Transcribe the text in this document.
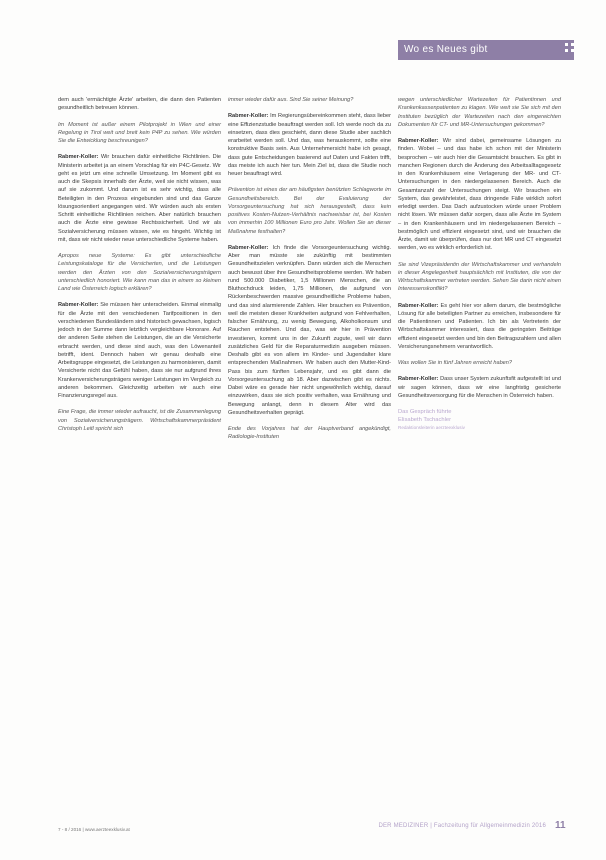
Wo es Neues gibt

dem auch 'ermächtigte Ärzte' arbeiten, die dann den Patienten gesundheitlich betreuen können.

Im Moment ist außer einem Pilotprojekt in Wien und einer Regelung in Tirol weit und breit kein P4P zu sehen. Wie würden Sie die Entwicklung beschreunigen?

Rabmer-Koller: Wir brauchen dafür einheitliche Richtlinien. Die Ministerin arbeitet ja an einem Vorschlag für ein P4C-Gesetz. Wir geht es jetzt um eine schnelle Umsetzung. Im Moment gibt es auch die Skepsis innerhalb der Ärzte, weil sie nicht wissen, was auf sie zukommt. Und darum ist es sehr wichtig, dass alle Beteiligten in den Prozess eingebunden sind und das Ganze lösungsorientiert angegangen wird. Wir würden auch als ersten Schritt einheitliche Richtlinien reichen. Aber natürlich brauchen auch die Ärzte eine gewisse Rechtssicherheit. Und wir als Sozialversicherung müssen wissen, wie es hingeht. Wichtig ist mit, dass wir nicht wieder neue unterschiedliche Systeme haben.

Apropos neue Systeme: Es gibt unterschiedliche Leistungskataloge für die Versicherten, und die Leistungen werden den Ärzten von den Sozialversicherungsträgern unterschiedlich honoriert. Wie kann man das in einem so kleinen Land wie Österreich logisch erklären?

Rabmer-Koller: Sie müssen hier unterscheiden. Einmal einmalig für die Ärzte mit den verschiedenen Tarifpositionen in den verschiedenen Bundesländern sind historisch gewachsen, logisch jedoch in der Summe dann letztlich vergleichbare Honorare. Auf der anderen Seite stehen die Leistungen, die an die Versicherte erbracht werden, und diese sind auch, was den Löwenanteil betrifft, ident. Dennoch haben wir genau deshalb eine Arbeitsgruppe eingesetzt, die Leistungen zu harmonisieren, damit Versicherte nicht das Gefühl haben, dass sie nur aufgrund ihres Krankenversicherungsträgers weniger Leistungen im Vergleich zu anderen bekommen. Gleichzeitig arbeiten wir auch eine Finanzierungsregel aus.

Eine Frage, die immer wieder aufraucht, ist die Zusammenlegung von Sozialversicherungsträgern. Wirtschaftskammerpräsident Christoph Leitl spricht sich

immer wieder dafür aus. Sind Sie seiner Meinung?

Rabmer-Koller: Im Regierungsübereinkommen steht, dass lieber eine Effizienzstudie beauftragt werden soll. Ich werde noch da zu einsetzen, dass dies geschieht, dann diese Studie aber sachlich erarbeitet werden soll. Und das, was herauskommt, sollte eine konstruktive Basis sein. Aus Unternehmersicht habe ich gesagt, dass gute Entscheidungen basierend auf Daten und Fakten trifft, das meiste ich auch hier tun. Mein Ziel ist, dass die Studie noch heuer beauftragt wird.

Prävention ist eines der am häufigsten benützten Schlagworte im Gesundheitsbereich. Bei der Evaluierung der Vorsorgeuntersuchung hat sich herausgestellt, dass kein positives Kosten-Nutzen-Verhältnis nachweisbar ist, bei Kosten von immerhin 100 Millionen Euro pro Jahr. Wollen Sie an dieser Maßnahme festhalten?

Rabmer-Koller: Ich finde die Vorsorgeuntersuchung wichtig. Aber man müsste sie zukünftig mit bestimmten Gesundheitszielen verknüpfen. Dann würden sich die Menschen auch bewusst über ihre Gesundheitsprobleme werden. Wir haben rund 500.000 Diabetiker, 1,5 Millionen Menschen, die an Bluthochdruck leiden, 1,75 Millionen, die aufgrund von Rückenbeschwerden massive gesundheitliche Probleme haben, und das sind alarmierende Zahlen. Hier brauchen es Prävention, weil die meisten dieser Krankheiten aufgrund von Fehlverhalten, falscher Ernährung, zu wenig Bewegung, Alkoholkonsum und Rauchen entstehen. Und das, was wir hier in Prävention investieren, kommt uns in der Zukunft zugute, weil wir dann zusätzliches Geld für die Reparaturmedizin ausgeben müssen. Deshalb gibt es von allem im Kinder- und Jugendalter klare entsprechenden Maßnahmen. Wir haben auch den Mutter-Kind-Pass bis zum fünften Lebensjahr, und es gibt dann die Vorsorgeuntersuchung ab 18. Aber dazwischen gibt es nichts. Dabei wäre es gerade hier nicht ungewöhnlich wichtig, darauf einzuwirken, dass sie sich positiv verhalten, was Ernährung und Bewegung anlangt, denn in diesem Alter wird das Gesundheitsverhalten geprägt.

Ende des Vorjahres hat der Hauptverband angekündigt, Radiologie-Instituten

wegen unterschiedlicher Wartezeiten für Patientinnen und Krankenkassenpatienten zu klagen. Wie weit sie Sie sich mit den Instituten bezüglich der Wartezeiten nach den eingereichten Dokumenten für CT- und MR-Untersuchungen gekommen?

Rabmer-Koller: Wir sind dabei, gemeinsame Lösungen zu finden. Wobei – und das habe ich schon mit der Ministerin besprochen – wir auch hier die Gesamtsicht brauchen. Es gibt in manchen Regionen durch die Änderung des Arbeitsalltagsgesetz in den Krankenhäusern eine Verlagerung der MR- und CT-Untersuchungen in den niedergelassenen Bereich. Auch die Gesamtanzahl der Untersuchungen steigt. Wir brauchen ein System, das gewährleistet, dass dringende Fälle wirklich sofort erledigt werden. Das Dach aufzustocken würde unser Problem nicht lösen. Wir müssen dafür sorgen, dass alle Ärzte im System – in den Krankenhäusern und im niedergelassenen Bereich – bestmöglich und effizient eingesetzt sind, und wir brauchen die Ärzte, damit wir überprüfen, dass nur dort MR und CT eingesetzt werden, wo es wirklich erforderlich ist.

Sie sind Vizepräsidentin der Wirtschaftskammer und verhandeln in dieser Angelegenheit hauptsächlich mit Instituten, die von der Wirtschaftskammer vertreten werden. Sehen Sie darin nicht einen Interessenskonflikt?

Rabmer-Koller: Es geht hier vor allem darum, die bestmögliche Lösung für alle beteiligten Partner zu erreichen, insbesondere für die Patientinnen und Patienten. Ich bin als Vertreterin der Wirtschaftskammer interessiert, dass die geringsten Beiträge effizient eingesetzt werden und bin den Beitragszahlern und allen Versicherungsnehmern verantwortlich.

Was wollen Sie in fünf Jahren erreicht haben?

Rabmer-Koller: Dass unser System zukunftsfit aufgestellt ist und wir sagen können, dass wir eine langfristig gesicherte Gesundheitsversorgung für die Menschen in Österreich haben.

Das Gespräch führte
Elisabeth Tschachler
Redaktionsleiterin aerzteexklusiv
7 - 8 / 2016 | www.aerzteexklusiv.at
DER MEDIZINER | Fachzeitung für Allgemeinmedizin 2016 11
